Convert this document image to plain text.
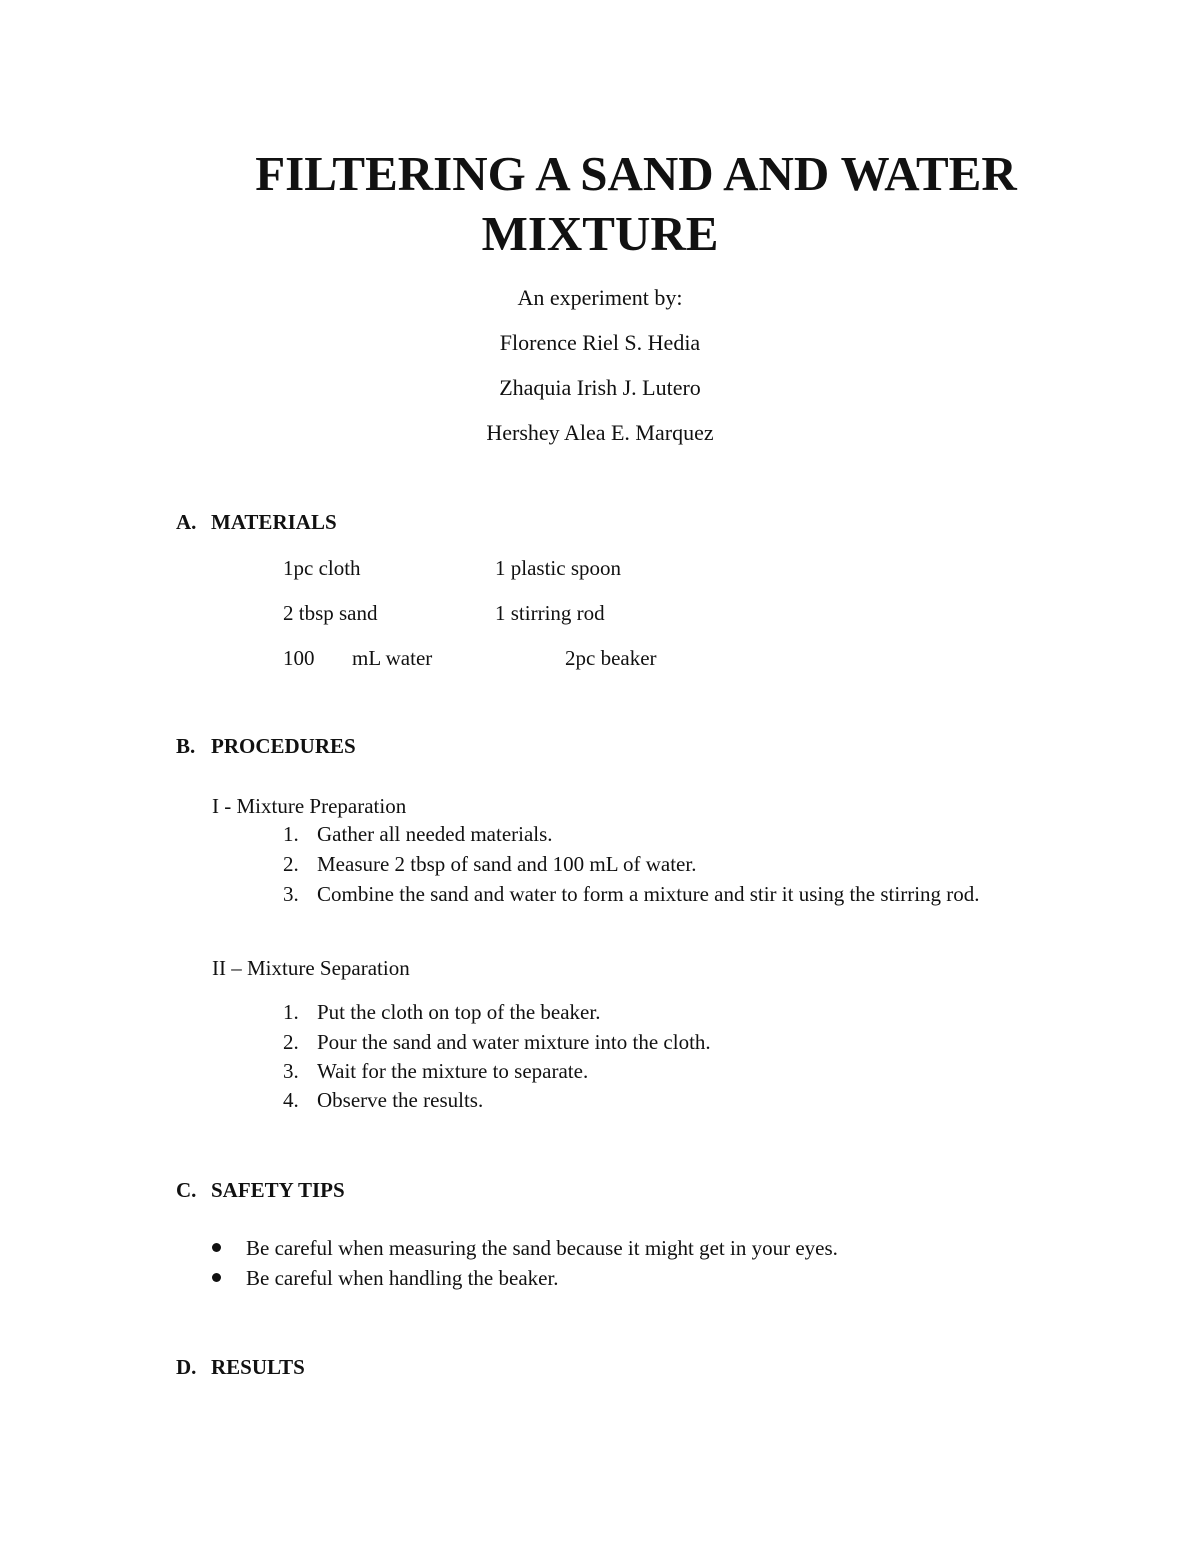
FILTERING A SAND AND WATER
MIXTURE
An experiment by:
Florence Riel S. Hedia
Zhaquia Irish J. Lutero
Hershey Alea E. Marquez
A. MATERIALS
1pc cloth	1 plastic spoon
2 tbsp sand	1 stirring rod
100 mL water	2pc beaker
B. PROCEDURES
I - Mixture Preparation
1. Gather all needed materials.
2. Measure 2 tbsp of sand and 100 mL of water.
3. Combine the sand and water to form a mixture and stir it using the stirring rod.
II – Mixture Separation
1. Put the cloth on top of the beaker.
2. Pour the sand and water mixture into the cloth.
3. Wait for the mixture to separate.
4. Observe the results.
C. SAFETY TIPS
Be careful when measuring the sand because it might get in your eyes.
Be careful when handling the beaker.
D. RESULTS
